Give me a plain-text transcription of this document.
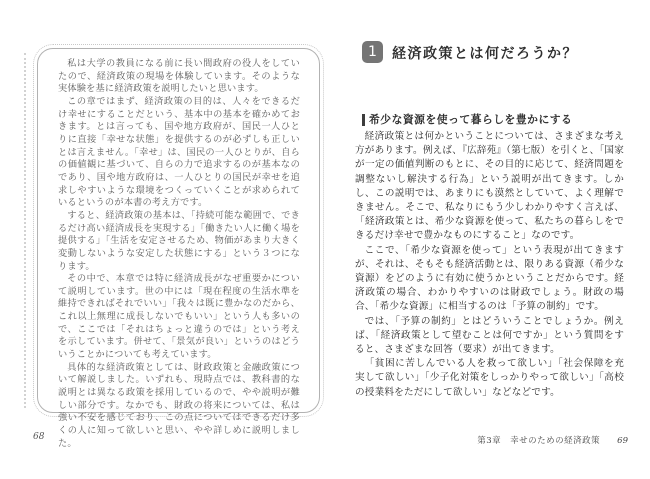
私は大学の教員になる前に長い間政府の役人をしていたので、経済政策の現場を体験しています。そのような実体験を基に経済政策を説明したいと思います。

この章ではまず、経済政策の目的は、人々をできるだけ幸せにすることだという、基本中の基本を確かめておきます。とは言っても、国や地方政府が、国民一人ひとりに直接「幸せな状態」を提供するのが必ずしも正しいとは言えません。「幸せ」は、国民の一人ひとりが、自らの価値観に基づいて、自らの力で追求するのが基本なのであり、国や地方政府は、一人ひとりの国民が幸せを追求しやすいような環境をつくっていくことが求められているというのが本書の考え方です。

すると、経済政策の基本は、「持続可能な範囲で、できるだけ高い経済成長を実現する」「働きたい人に働く場を提供する」「生活を安定させるため、物価があまり大きく変動しないような安定した状態にする」という３つになります。

その中で、本章では特に経済成長がなぜ重要かについて説明しています。世の中には「現在程度の生活水準を維持できればそれでいい」「我々は既に豊かなのだから、これ以上無理に成長しないでもいい」という人も多いので、ここでは「それはちょっと違うのでは」という考えを示しています。併せて、「景気が良い」というのはどういうことかについても考えています。

具体的な経済政策としては、財政政策と金融政策について解説しました。いずれも、現時点では、教科書的な説明とは異なる政策を採用しているので、やや説明が難しい部分です。なかでも、財政の将来については、私は強い不安を感じており、この点についてはできるだけ多くの人に知って欲しいと思い、やや詳しめに説明しました。

68
1 経済政策とは何だろうか？
希少な資源を使って暮らしを豊かにする

経済政策とは何かということについては、さまざまな考え方があります。例えば、『広辞苑』（第七版）を引くと、「国家が一定の価値判断のもとに、その目的に応じて、経済問題を調整ないし解決する行為」という説明が出てきます。しかし、この説明では、あまりにも漠然としていて、よく理解できません。そこで、私なりにもう少しわかりやすく言えば、「経済政策とは、希少な資源を使って、私たちの暮らしをできるだけ幸せで豊かなものにすること」なのです。

ここで、「希少な資源を使って」という表現が出てきますが、それは、そもそも経済活動とは、限りある資源（希少な資源）をどのように有効に使うかということだからです。経済政策の場合、わかりやすいのは財政でしょう。財政の場合、「希少な資源」に相当するのは「予算の制約」です。

では、「予算の制約」とはどういうことでしょうか。例えば、「経済政策として望むことは何ですか」という質問をすると、さまざまな回答（要求）が出てきます。

「貧困に苦しんでいる人を救って欲しい」「社会保障を充実して欲しい」「少子化対策をしっかりやって欲しい」「高校の授業料をただにして欲しい」などなどです。

第3章　幸せのための経済政策 69
